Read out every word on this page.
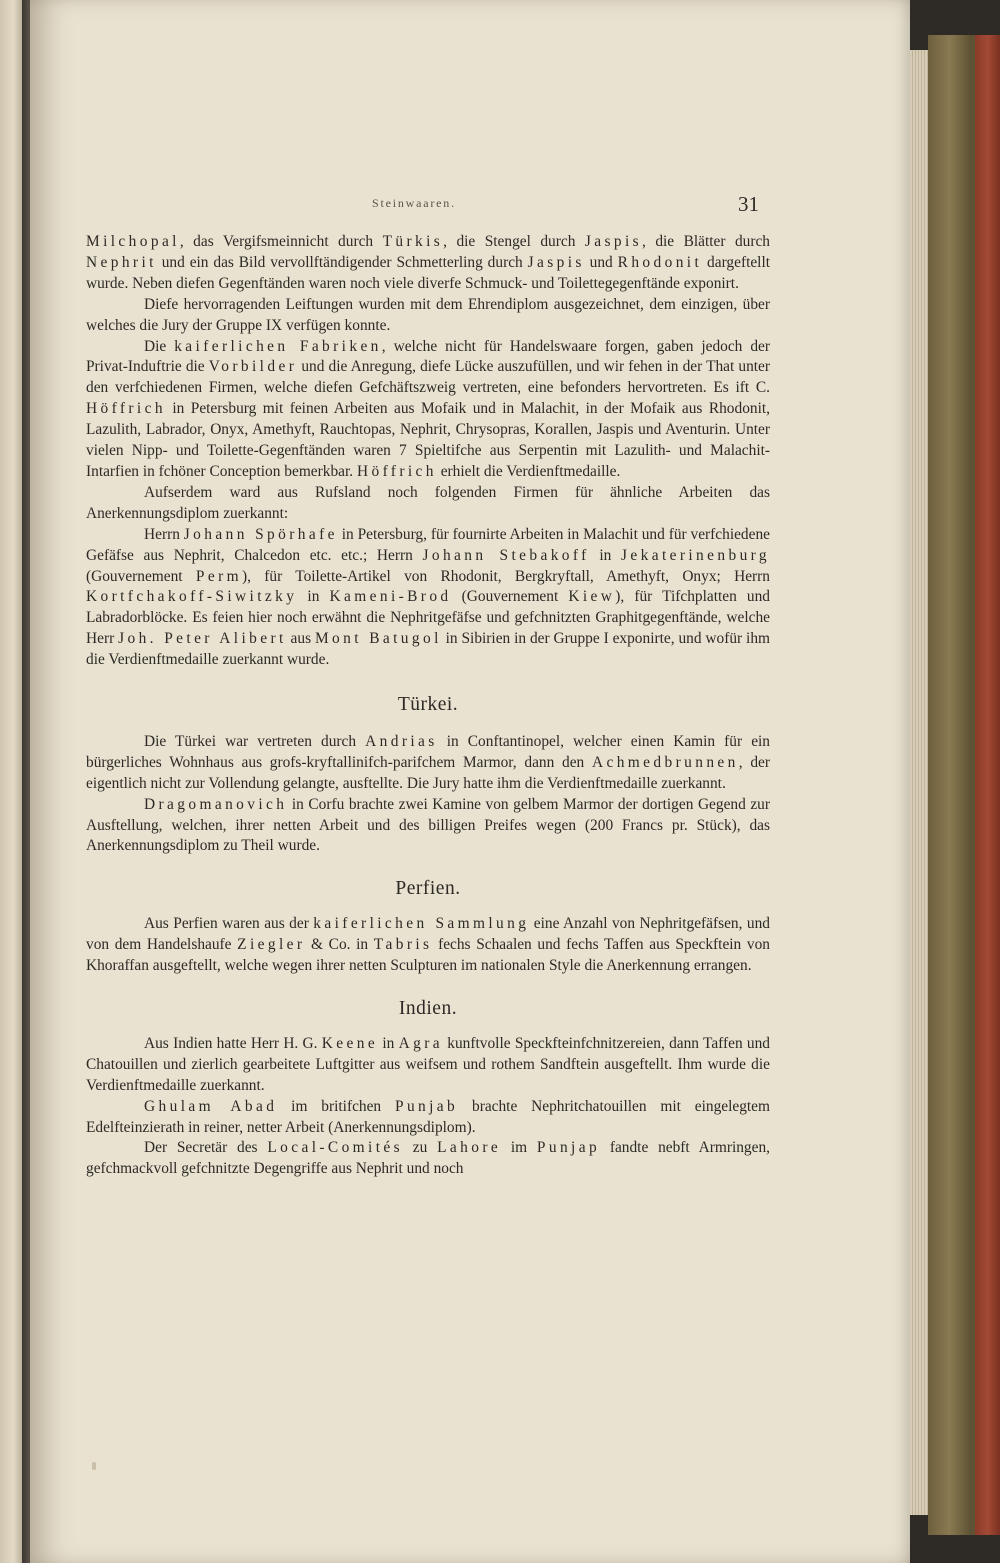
Steinwaaren.	31

Milchopal, das Vergifsmeinnicht durch Türkis, die Stengel durch Jaspis, die Blätter durch Nephrit und ein das Bild vervollftändigender Schmetterling durch Jaspis und Rhodonit dargeftellt wurde. Neben diefen Gegenftänden waren noch viele diverfe Schmuck- und Toilettegegenftände exponirt.

Diefe hervorragenden Leiftungen wurden mit dem Ehrendiplom ausgezeichnet, dem einzigen, über welches die Jury der Gruppe IX verfügen konnte.

Die kaiferlichen Fabriken, welche nicht für Handelswaare forgen, gaben jedoch der Privat-Induftrie die Vorbilder und die Anregung, diefe Lücke auszufüllen, und wir fehen in der That unter den verfchiedenen Firmen, welche diefen Gefchäftszweig vertreten, eine befonders hervortreten. Es ift C. Höffrich in Petersburg mit feinen Arbeiten aus Mofaik und in Malachit, in der Mofaik aus Rhodonit, Lazulith, Labrador, Onyx, Amethyft, Rauchtopas, Nephrit, Chrysopras, Korallen, Jaspis und Aventurin. Unter vielen Nipp- und Toilette-Gegenftänden waren 7 Spieltifche aus Serpentin mit Lazulith- und Malachit-Intarfien in fchöner Conception bemerkbar. Höffrich erhielt die Verdienftmedaille.

Aufserdem ward aus Rufsland noch folgenden Firmen für ähnliche Arbeiten das Anerkennungsdiplom zuerkannt:

Herrn Johann Spörhafe in Petersburg, für fournirte Arbeiten in Malachit und für verfchiedene Gefäfse aus Nephrit, Chalcedon etc. etc.; Herrn Johann Stebakoff in Jekaterinenburg (Gouvernement Perm), für Toilette-Artikel von Rhodonit, Bergkryftall, Amethyft, Onyx; Herrn Kortfchakoff-Siwitzky in Kameni-Brod (Gouvernement Kiew), für Tifchplatten und Labradorblöcke. Es feien hier noch erwähnt die Nephritgefäfse und gefchnitzten Graphitgegenftände, welche Herr Joh. Peter Alibert aus Mont Batugol in Sibirien in der Gruppe I exponirte, und wofür ihm die Verdienftmedaille zuerkannt wurde.

Türkei.

Die Türkei war vertreten durch Andrias in Conftantinopel, welcher einen Kamin für ein bürgerliches Wohnhaus aus grofs-kryftallinifch-parifchem Marmor, dann den Achmedbrunnen, der eigentlich nicht zur Vollendung gelangte, ausftellte. Die Jury hatte ihm die Verdienftmedaille zuerkannt.

Dragomanovich in Corfu brachte zwei Kamine von gelbem Marmor der dortigen Gegend zur Ausftellung, welchen, ihrer netten Arbeit und des billigen Preifes wegen (200 Francs pr. Stück), das Anerkennungsdiplom zu Theil wurde.

Perfien.

Aus Perfien waren aus der kaiferlichen Sammlung eine Anzahl von Nephritgefäfsen, und von dem Handelshaufe Ziegler & Co. in Tabris fechs Schaalen und fechs Taffen aus Speckftein von Khoraffan ausgeftellt, welche wegen ihrer netten Sculpturen im nationalen Style die Anerkennung errangen.

Indien.

Aus Indien hatte Herr H. G. Keene in Agra kunftvolle Speckfteinfchnitzereien, dann Taffen und Chatouillen und zierlich gearbeitete Luftgitter aus weifsem und rothem Sandftein ausgeftellt. Ihm wurde die Verdienftmedaille zuerkannt.

Ghulam Abad im britifchen Punjab brachte Nephritchatouillen mit eingelegtem Edelfteinzierath in reiner, netter Arbeit (Anerkennungsdiplom).

Der Secretär des Local-Comités zu Lahore im Punjap fandte nebft Armringen, gefchmackvoll gefchnitzte Degengriffe aus Nephrit und noch
